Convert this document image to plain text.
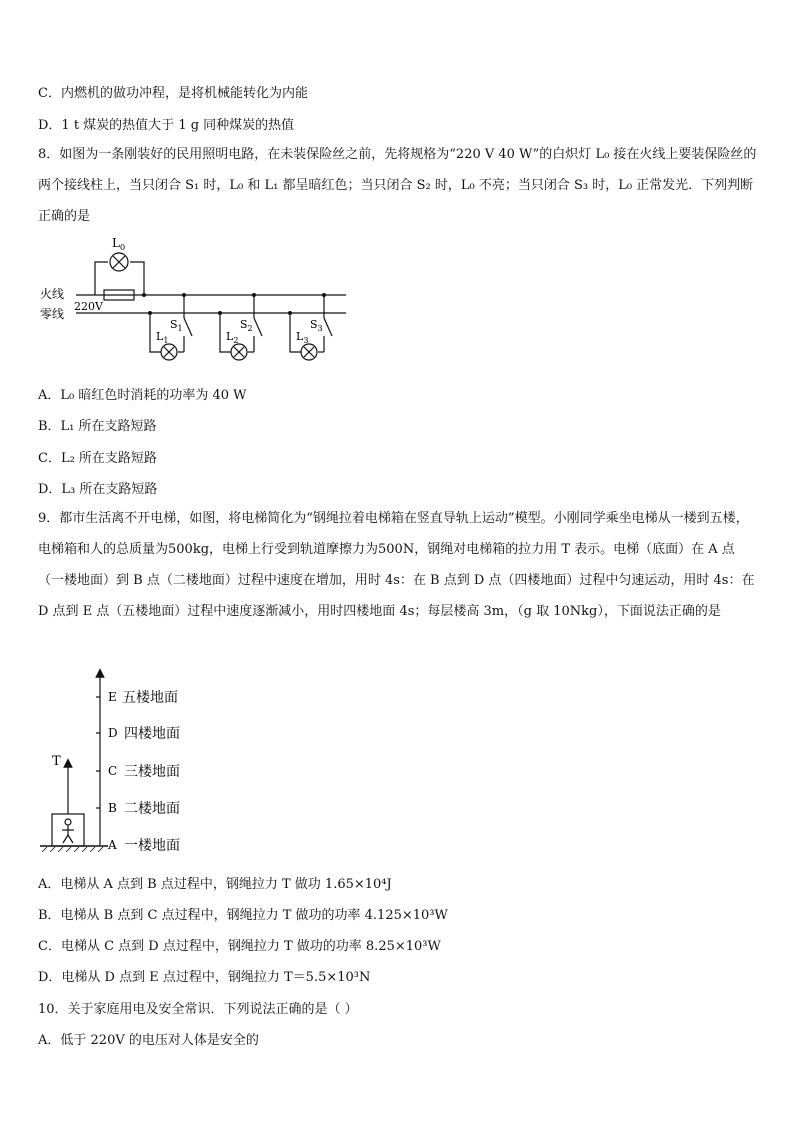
C．内燃机的做功冲程，是将机械能转化为内能
D．1 t 煤炭的热值大于 1 g 同种煤炭的热值
8．如图为一条刚装好的民用照明电路，在未装保险丝之前，先将规格为“220 V 40 W”的白炽灯 L₀ 接在火线上要装保险丝的两个接线柱上，当只闭合 S₁ 时，L₀ 和 L₁ 都呈暗红色；当只闭合 S₂ 时，L₀ 不亮；当只闭合 S₃ 时，L₀ 正常发光．下列判断正确的是
$L_0$
火线
零线
220V
$S_1$
$L_1$
$S_2$
$L_2$
$S_3$
$L_3$
A．L₀ 暗红色时消耗的功率为 40 W
B．L₁ 所在支路短路
C．L₂ 所在支路短路
D．L₃ 所在支路短路
9．都市生活离不开电梯，如图，将电梯简化为“钢绳拉着电梯箱在竖直导轨上运动”模型。小刚同学乘坐电梯从一楼到五楼，电梯箱和人的总质量为500kg，电梯上行受到轨道摩擦力为500N，钢绳对电梯箱的拉力用 T 表示。电梯（底面）在 A 点（一楼地面）到 B 点（二楼地面）过程中速度在增加，用时 4s：在 B 点到 D 点（四楼地面）过程中匀速运动，用时 4s：在 D 点到 E 点（五楼地面）过程中速度逐渐减小，用时四楼地面 4s；每层楼高 3m，（g 取 10Nkg），下面说法正确的是
T
E 五楼地面
D 四楼地面
C 三楼地面
B 二楼地面
A 一楼地面
A．电梯从 A 点到 B 点过程中，钢绳拉力 T 做功 1.65×10⁴J
B．电梯从 B 点到 C 点过程中，钢绳拉力 T 做功的功率 4.125×10³W
C．电梯从 C 点到 D 点过程中，钢绳拉力 T 做功的功率 8.25×10³W
D．电梯从 D 点到 E 点过程中，钢绳拉力 T＝5.5×10³N
10．关于家庭用电及安全常识．下列说法正确的是（ ）
A．低于 220V 的电压对人体是安全的
